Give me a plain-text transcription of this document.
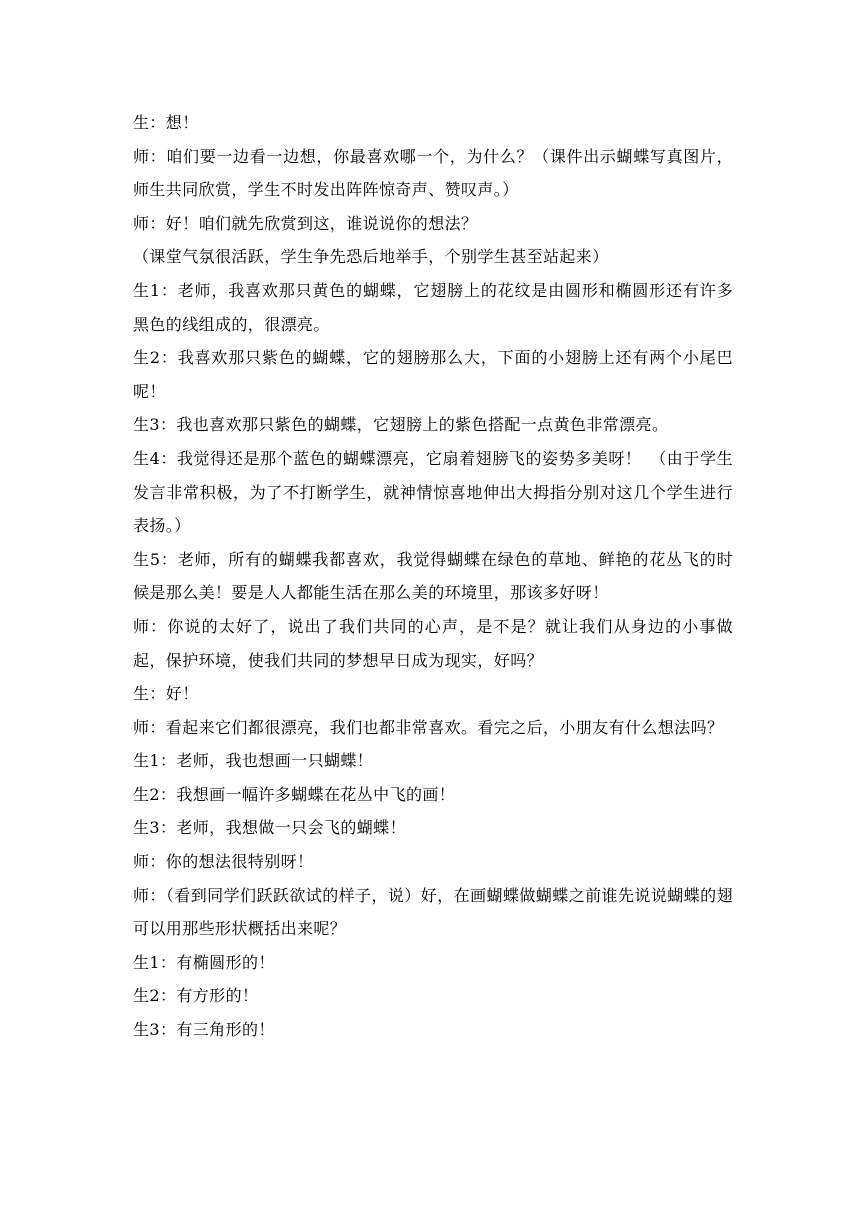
生：想！

师：咱们要一边看一边想，你最喜欢哪一个，为什么？（课件出示蝴蝶写真图片，师生共同欣赏，学生不时发出阵阵惊奇声、赞叹声。）

师：好！咱们就先欣赏到这，谁说说你的想法？

（课堂气氛很活跃，学生争先恐后地举手，个别学生甚至站起来）

生1：老师，我喜欢那只黄色的蝴蝶，它翅膀上的花纹是由圆形和椭圆形还有许多黑色的线组成的，很漂亮。

生2：我喜欢那只紫色的蝴蝶，它的翅膀那么大，下面的小翅膀上还有两个小尾巴呢！

生3：我也喜欢那只紫色的蝴蝶，它翅膀上的紫色搭配一点黄色非常漂亮。

生4：我觉得还是那个蓝色的蝴蝶漂亮，它扇着翅膀飞的姿势多美呀！　（由于学生发言非常积极，为了不打断学生，就神情惊喜地伸出大拇指分别对这几个学生进行表扬。）

生5：老师，所有的蝴蝶我都喜欢，我觉得蝴蝶在绿色的草地、鲜艳的花丛飞的时候是那么美！要是人人都能生活在那么美的环境里，那该多好呀！

师：你说的太好了，说出了我们共同的心声，是不是？就让我们从身边的小事做起，保护环境，使我们共同的梦想早日成为现实，好吗？

生：好！

师：看起来它们都很漂亮，我们也都非常喜欢。看完之后，小朋友有什么想法吗？

生1：老师，我也想画一只蝴蝶！

生2：我想画一幅许多蝴蝶在花丛中飞的画！

生3：老师，我想做一只会飞的蝴蝶！

师：你的想法很特别呀！

师：（看到同学们跃跃欲试的样子，说）好，在画蝴蝶做蝴蝶之前谁先说说蝴蝶的翅可以用那些形状概括出来呢？

生1：有椭圆形的！

生2：有方形的！

生3：有三角形的！
